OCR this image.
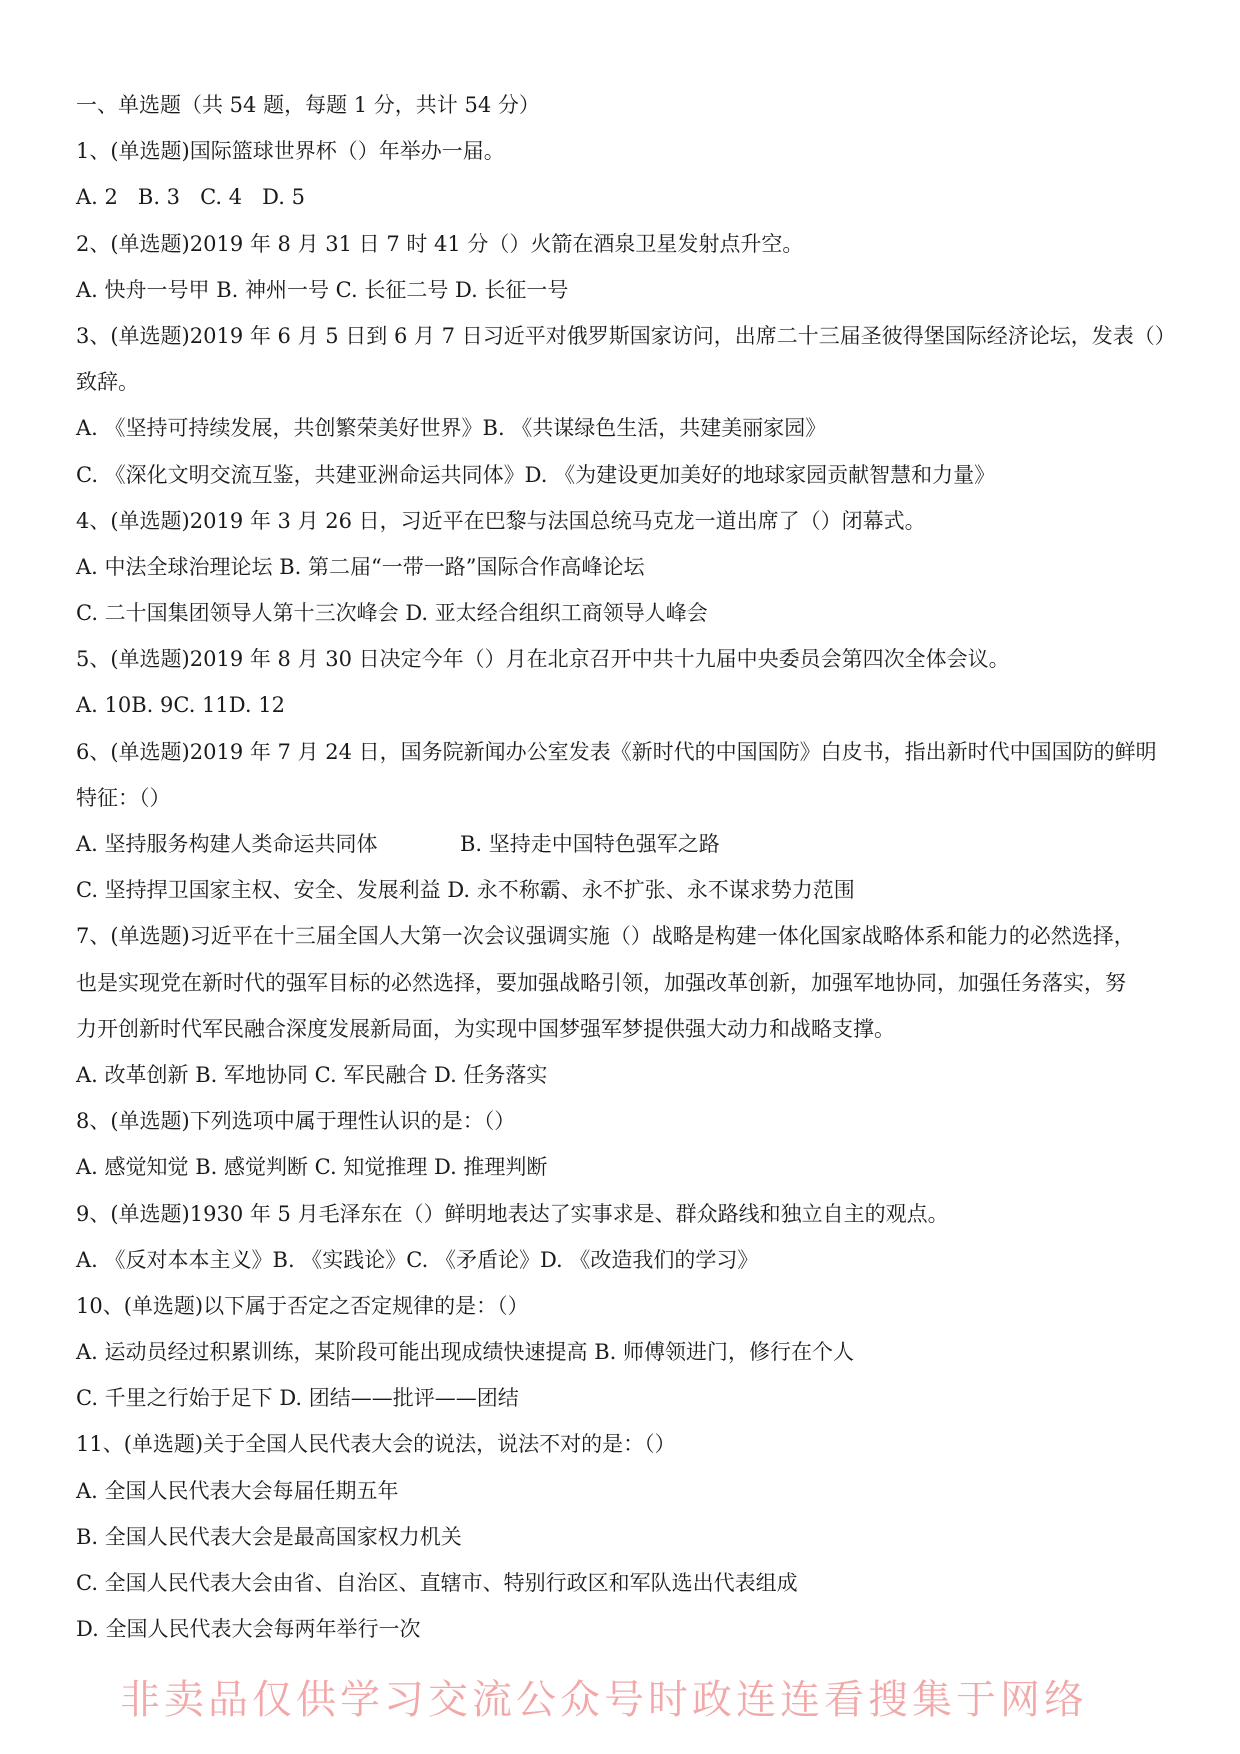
一、单选题（共 54 题，每题 1 分，共计 54 分）
1、(单选题)国际篮球世界杯（）年举办一届。
A. 2   B. 3   C. 4   D. 5
2、(单选题)2019 年 8 月 31 日 7 时 41 分（）火箭在酒泉卫星发射点升空。
A. 快舟一号甲 B. 神州一号 C. 长征二号 D. 长征一号
3、(单选题)2019 年 6 月 5 日到 6 月 7 日习近平对俄罗斯国家访问，出席二十三届圣彼得堡国际经济论坛，发表（）
致辞。
A. 《坚持可持续发展，共创繁荣美好世界》B. 《共谋绿色生活，共建美丽家园》
C. 《深化文明交流互鉴，共建亚洲命运共同体》D. 《为建设更加美好的地球家园贡献智慧和力量》
4、(单选题)2019 年 3 月 26 日，习近平在巴黎与法国总统马克龙一道出席了（）闭幕式。
A. 中法全球治理论坛 B. 第二届“一带一路”国际合作高峰论坛
C. 二十国集团领导人第十三次峰会 D. 亚太经合组织工商领导人峰会
5、(单选题)2019 年 8 月 30 日决定今年（）月在北京召开中共十九届中央委员会第四次全体会议。
A. 10B. 9C. 11D. 12
6、(单选题)2019 年 7 月 24 日，国务院新闻办公室发表《新时代的中国国防》白皮书，指出新时代中国国防的鲜明
特征：（）
A. 坚持服务构建人类命运共同体	B. 坚持走中国特色强军之路
C. 坚持捍卫国家主权、安全、发展利益 D. 永不称霸、永不扩张、永不谋求势力范围
7、(单选题)习近平在十三届全国人大第一次会议强调实施（）战略是构建一体化国家战略体系和能力的必然选择，
也是实现党在新时代的强军目标的必然选择，要加强战略引领，加强改革创新，加强军地协同，加强任务落实，努
力开创新时代军民融合深度发展新局面，为实现中国梦强军梦提供强大动力和战略支撑。
A. 改革创新 B. 军地协同 C. 军民融合 D. 任务落实
8、(单选题)下列选项中属于理性认识的是：（）
A. 感觉知觉 B. 感觉判断 C. 知觉推理 D. 推理判断
9、(单选题)1930 年 5 月毛泽东在（）鲜明地表达了实事求是、群众路线和独立自主的观点。
A. 《反对本本主义》B. 《实践论》C. 《矛盾论》D. 《改造我们的学习》
10、(单选题)以下属于否定之否定规律的是：（）
A. 运动员经过积累训练，某阶段可能出现成绩快速提高 B. 师傅领进门，修行在个人
C. 千里之行始于足下 D. 团结——批评——团结
11、(单选题)关于全国人民代表大会的说法，说法不对的是：（）
A. 全国人民代表大会每届任期五年
B. 全国人民代表大会是最高国家权力机关
C. 全国人民代表大会由省、自治区、直辖市、特别行政区和军队选出代表组成
D. 全国人民代表大会每两年举行一次
非卖品仅供学习交流公众号时政连连看搜集于网络
